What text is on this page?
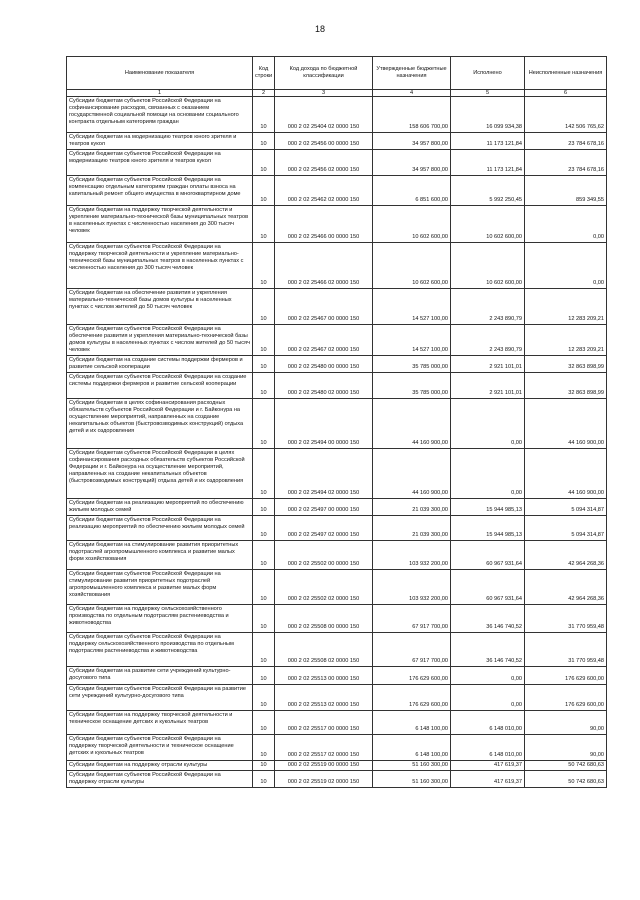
18
Наименование показателя	Код строки	Код дохода по бюджетной классификации	Утвержденные бюджетные назначения	Исполнено	Неисполненные назначения
1	2	3	4	5	6
Субсидии бюджетам субъектов Российской Федерации на софинансирование расходов, связанных с оказанием государственной социальной помощи на основании социального контракта отдельным категориям граждан	10	000 2 02 25404 02 0000 150	158 606 700,00	16 099 934,38	142 506 765,62
Субсидии бюджетам на модернизацию театров юного зрителя и театров кукол	10	000 2 02 25456 00 0000 150	34 957 800,00	11 173 121,84	23 784 678,16
Субсидии бюджетам субъектов Российской Федерации на модернизацию театров юного зрителя и театров кукол	10	000 2 02 25456 02 0000 150	34 957 800,00	11 173 121,84	23 784 678,16
Субсидии бюджетам субъектов Российской Федерации на компенсацию отдельным категориям граждан оплаты взноса на капитальный ремонт общего имущества в многоквартирном доме	10	000 2 02 25462 02 0000 150	6 851 600,00	5 992 250,45	859 349,55
Субсидии бюджетам на поддержку творческой деятельности и укрепление материально-технической базы муниципальных театров в населенных пунктах с численностью населения до 300 тысяч человек	10	000 2 02 25466 00 0000 150	10 602 600,00	10 602 600,00	0,00
Субсидии бюджетам субъектов Российской Федерации на поддержку творческой деятельности и укрепление материально-технической базы муниципальных театров в населенных пунктах с численностью населения до 300 тысяч человек	10	000 2 02 25466 02 0000 150	10 602 600,00	10 602 600,00	0,00
Субсидии бюджетам на обеспечение развития и укрепления материально-технической базы домов культуры в населенных пунктах с числом жителей до 50 тысяч человек	10	000 2 02 25467 00 0000 150	14 527 100,00	2 243 890,79	12 283 209,21
Субсидии бюджетам субъектов Российской Федерации на обеспечение развития и укрепления материально-технической базы домов культуры в населенных пунктах с числом жителей до 50 тысяч человек	10	000 2 02 25467 02 0000 150	14 527 100,00	2 243 890,79	12 283 209,21
Субсидии бюджетам на создание системы поддержки фермеров и развитие сельской кооперации	10	000 2 02 25480 00 0000 150	35 785 000,00	2 921 101,01	32 863 898,99
Субсидии бюджетам субъектов Российской Федерации на создание системы поддержки фермеров и развитие сельской кооперации	10	000 2 02 25480 02 0000 150	35 785 000,00	2 921 101,01	32 863 898,99
Субсидии бюджетам в целях софинансирования расходных обязательств субъектов Российской Федерации и г. Байконура на осуществление мероприятий, направленных на создание некапитальных объектов (быстровозводимых конструкций) отдыха детей и их оздоровления	10	000 2 02 25494 00 0000 150	44 160 900,00	0,00	44 160 900,00
Субсидии бюджетам субъектов Российской Федерации в целях софинансирования расходных обязательств субъектов Российской Федерации и г. Байконура на осуществление мероприятий, направленных на создание некапитальных объектов (быстровозводимых конструкций) отдыха детей и их оздоровления	10	000 2 02 25494 02 0000 150	44 160 900,00	0,00	44 160 900,00
Субсидии бюджетам на реализацию мероприятий по обеспечению жильем молодых семей	10	000 2 02 25497 00 0000 150	21 039 300,00	15 944 985,13	5 094 314,87
Субсидии бюджетам субъектов Российской Федерации на реализацию мероприятий по обеспечению жильем молодых семей	10	000 2 02 25497 02 0000 150	21 039 300,00	15 944 985,13	5 094 314,87
Субсидии бюджетам на стимулирование развития приоритетных подотраслей агропромышленного комплекса и развитие малых форм хозяйствования	10	000 2 02 25502 00 0000 150	103 932 200,00	60 967 931,64	42 964 268,36
Субсидии бюджетам субъектов Российской Федерации на стимулирование развития приоритетных подотраслей агропромышленного комплекса и развитие малых форм хозяйствования	10	000 2 02 25502 02 0000 150	103 932 200,00	60 967 931,64	42 964 268,36
Субсидии бюджетам на поддержку сельскохозяйственного производства по отдельным подотраслям растениеводства и животноводства	10	000 2 02 25508 00 0000 150	67 917 700,00	36 146 740,52	31 770 959,48
Субсидии бюджетам субъектов Российской Федерации на поддержку сельскохозяйственного производства по отдельным подотраслям растениеводства и животноводства	10	000 2 02 25508 02 0000 150	67 917 700,00	36 146 740,52	31 770 959,48
Субсидии бюджетам на развитие сети учреждений культурно-досугового типа	10	000 2 02 25513 00 0000 150	176 629 600,00	0,00	176 629 600,00
Субсидии бюджетам субъектов Российской Федерации на развитие сети учреждений культурно-досугового типа	10	000 2 02 25513 02 0000 150	176 629 600,00	0,00	176 629 600,00
Субсидии бюджетам на поддержку творческой деятельности и техническое оснащение детских и кукольных театров	10	000 2 02 25517 00 0000 150	6 148 100,00	6 148 010,00	90,00
Субсидии бюджетам субъектов Российской Федерации на поддержку творческой деятельности и техническое оснащение детских и кукольных театров	10	000 2 02 25517 02 0000 150	6 148 100,00	6 148 010,00	90,00
Субсидии бюджетам на поддержку отрасли культуры	10	000 2 02 25519 00 0000 150	51 160 300,00	417 619,37	50 742 680,63
Субсидии бюджетам субъектов Российской Федерации на поддержку отрасли культуры	10	000 2 02 25519 02 0000 150	51 160 300,00	417 619,37	50 742 680,63
